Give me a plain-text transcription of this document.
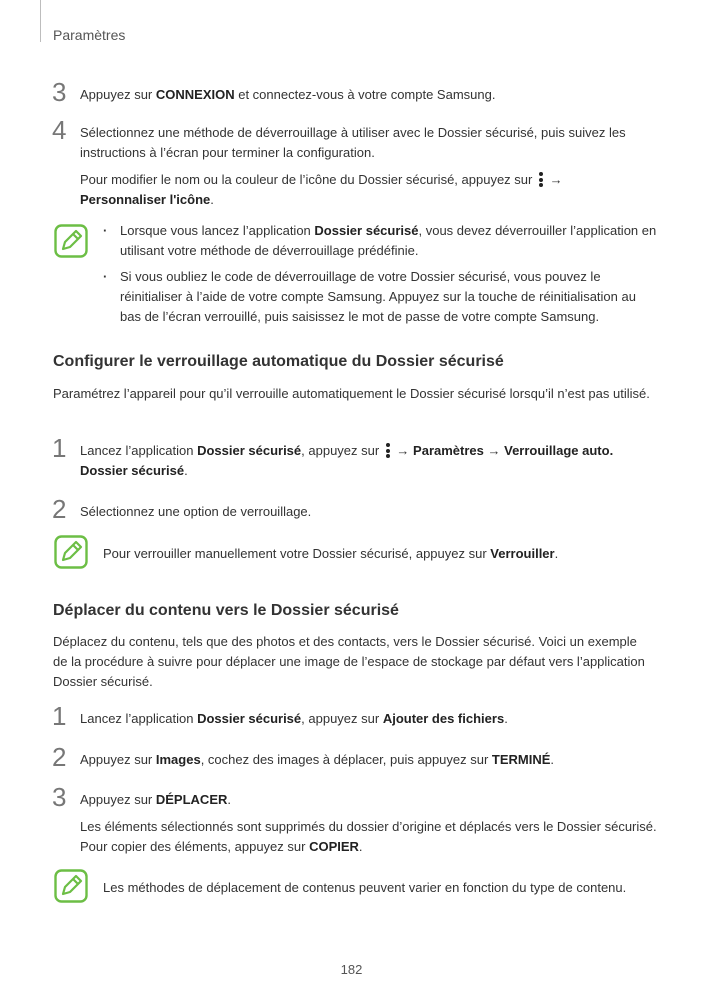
Paramètres
3 Appuyez sur CONNEXION et connectez-vous à votre compte Samsung.
4 Sélectionnez une méthode de déverrouillage à utiliser avec le Dossier sécurisé, puis suivez les instructions à l’écran pour terminer la configuration.
Pour modifier le nom ou la couleur de l’icône du Dossier sécurisé, appuyez sur
→
Personnaliser l'icône.
· Lorsque vous lancez l’application Dossier sécurisé, vous devez déverrouiller l’application en utilisant votre méthode de déverrouillage prédéfinie.
· Si vous oubliez le code de déverrouillage de votre Dossier sécurisé, vous pouvez le réinitialiser à l’aide de votre compte Samsung. Appuyez sur la touche de réinitialisation au bas de l’écran verrouillé, puis saisissez le mot de passe de votre compte Samsung.
Configurer le verrouillage automatique du Dossier sécurisé
Paramétrez l’appareil pour qu’il verrouille automatiquement le Dossier sécurisé lorsqu’il n’est pas utilisé.
1 Lancez l’application Dossier sécurisé, appuyez sur
→ Paramètres → Verrouillage auto. Dossier sécurisé.
2 Sélectionnez une option de verrouillage.
Pour verrouiller manuellement votre Dossier sécurisé, appuyez sur Verrouiller.
Déplacer du contenu vers le Dossier sécurisé
Déplacez du contenu, tels que des photos et des contacts, vers le Dossier sécurisé. Voici un exemple de la procédure à suivre pour déplacer une image de l’espace de stockage par défaut vers l’application Dossier sécurisé.
1 Lancez l’application Dossier sécurisé, appuyez sur Ajouter des fichiers.
2 Appuyez sur Images, cochez des images à déplacer, puis appuyez sur TERMINÉ.
3 Appuyez sur DÉPLACER.
Les éléments sélectionnés sont supprimés du dossier d’origine et déplacés vers le Dossier sécurisé. Pour copier des éléments, appuyez sur COPIER.
Les méthodes de déplacement de contenus peuvent varier en fonction du type de contenu.
182
